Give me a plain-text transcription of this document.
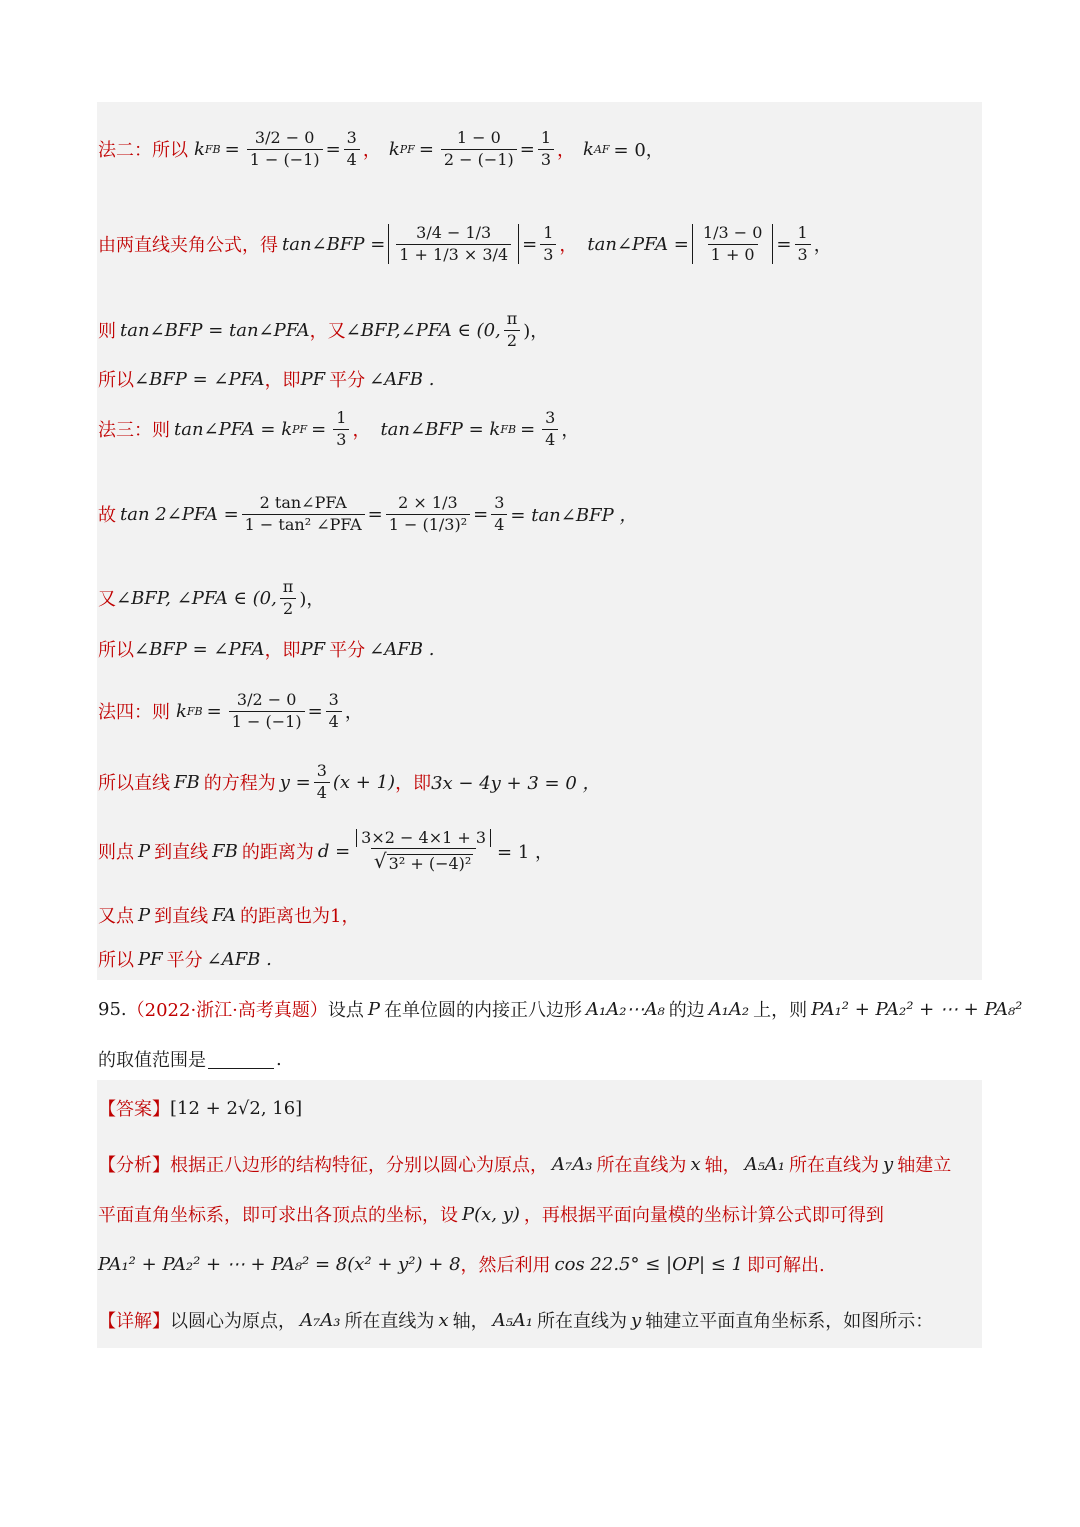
法二：所以 k FB = $\frac{3/2 - 0}{1 - (-1)} = \frac{3}{4}$ ， k PF = $\frac{1 - 0}{2 - (-1)} = \frac{1}{3}$ ， k AF = 0，
由两直线夹角公式，得 tan∠BFP = $\frac{3/4 - 1/3}{1 + 1/3 \times 3/4} = \frac{1}{3}$ ， tan∠PFA = $\frac{1/3 - 0}{1 + 0} = \frac{1}{3}$ ，
则 tan∠BFP = tan∠PFA ，又 ∠BFP,∠PFA ∈ (0, $\frac{\pi}{2}$ )，
所以 ∠BFP = ∠PFA ，即 PF 平分 ∠AFB .
法三：则 tan∠PFA = k PF = $\frac{1}{3}$ ， tan∠BFP = k FB = $\frac{3}{4}$ ，
故 tan 2∠PFA = $\frac{\text{2 tan∠PFA}}{\text{1 − tan² ∠PFA}} = \frac{2 \times 1/3}{\text{1 − (1/3)²}} = \frac{3}{4}$ = tan∠BFP ，
又 ∠BFP, ∠PFA ∈ (0, $\frac{\pi}{2}$ )，
所以 ∠BFP = ∠PFA ，即 PF 平分 ∠AFB .
法四：则 k FB = $\frac{3/2 - 0}{1 - (-1)} = \frac{3}{4}$ ，
所以直线 FB 的方程为 $y = \frac{3}{4} (x + 1)$ ，即 3x − 4y + 3 = 0 ，
则点 P 到直线 FB 的距离为 $d = \frac{3\times 2 - 4\times 1 + 3}{\text{√ 3² + (−4)²}} = 1$ ，
又点 P 到直线 FA 的距离也为1，
所以 PF 平分 ∠AFB .
95. （2022·浙江·高考真题） 设点 P 在单位圆的内接正八边形 A₁A₂⋯A₈ 的边 A₁A₂ 上，则 PA₁² + PA₂² + ⋯ + PA₈²
的取值范围是	.
【答案】 [12 + 2√2, 16]
【分析】 根据正八边形的结构特征，分别以圆心为原点， A₇A₃ 所在直线为 x 轴， A₅A₁ 所在直线为 y 轴建立
平面直角坐标系，即可求出各顶点的坐标，设 P(x, y) ，再根据平面向量模的坐标计算公式即可得到
PA₁² + PA₂² + ⋯ + PA₈² = 8(x² + y²) + 8 ，然后利用 cos 22.5° ≤ |OP| ≤ 1 即可解出.
【详解】 以圆心为原点， A₇A₃ 所在直线为 x 轴， A₅A₁ 所在直线为 y 轴建立平面直角坐标系，如图所示：
